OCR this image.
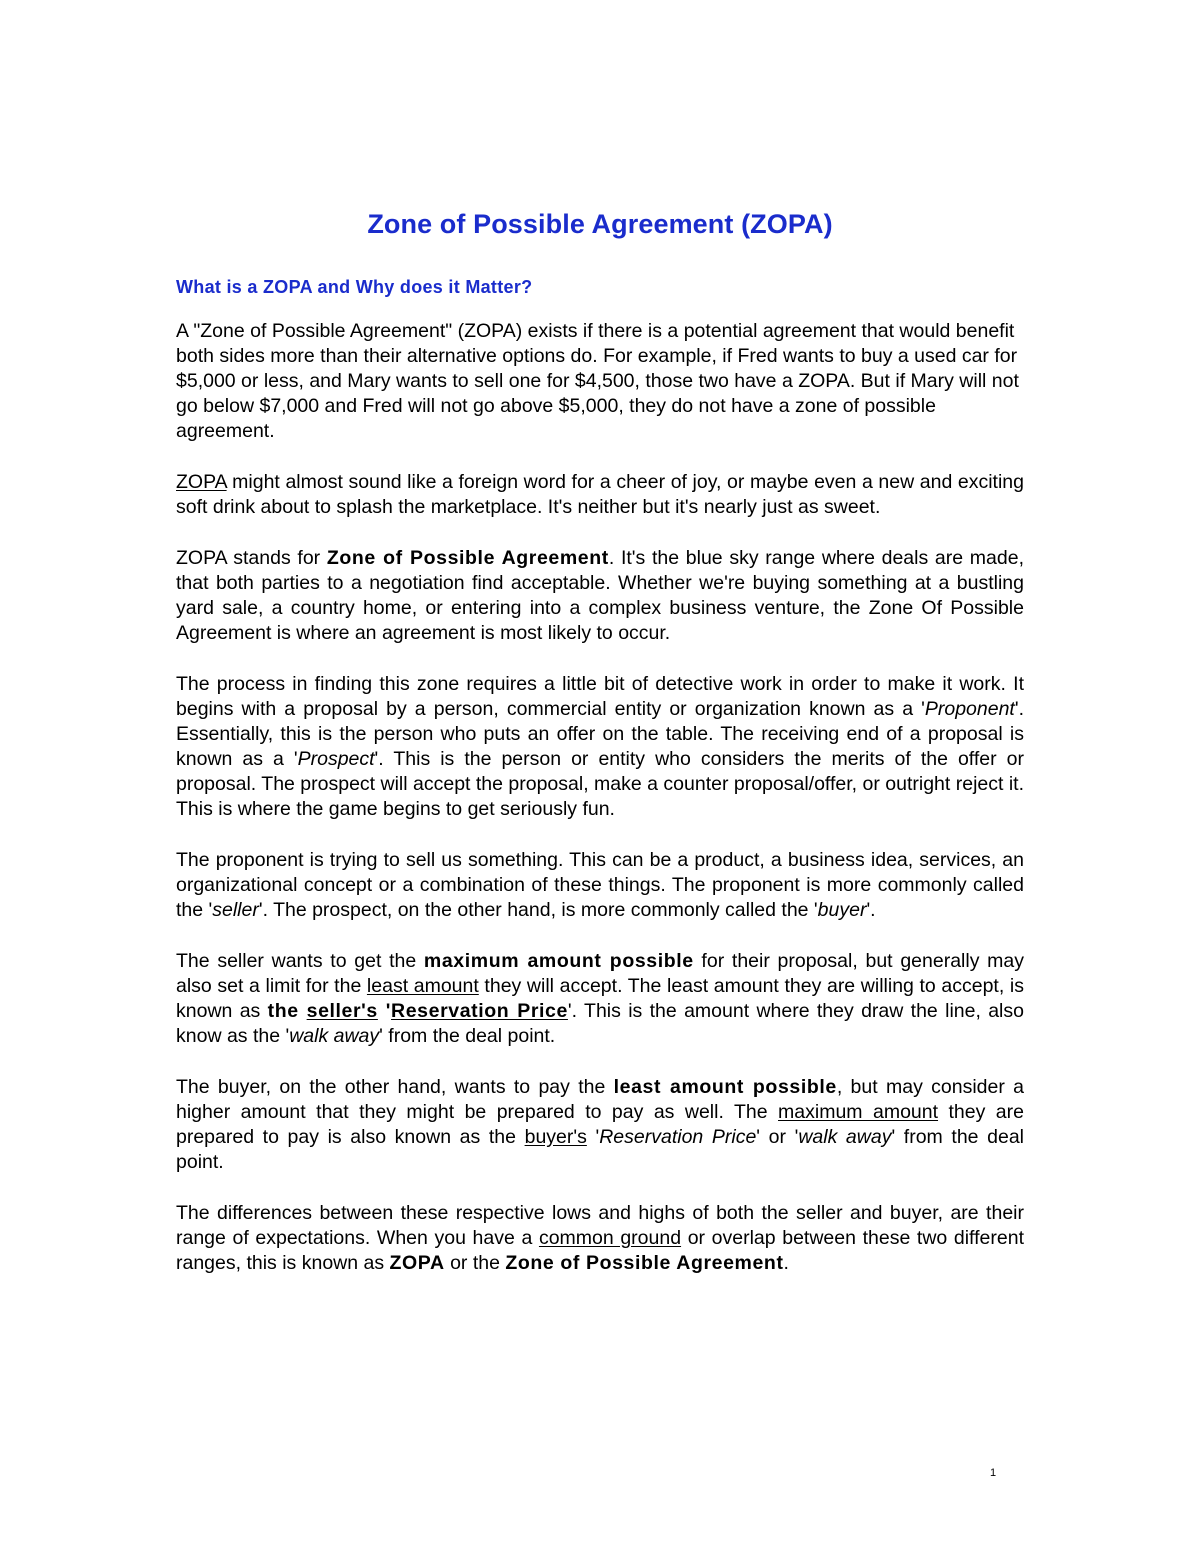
Zone of Possible Agreement (ZOPA)
What is a ZOPA and Why does it Matter?

A "Zone of Possible Agreement" (ZOPA) exists if there is a potential agreement that would benefit both sides more than their alternative options do. For example, if Fred wants to buy a used car for $5,000 or less, and Mary wants to sell one for $4,500, those two have a ZOPA. But if Mary will not go below $7,000 and Fred will not go above $5,000, they do not have a zone of possible agreement.

ZOPA might almost sound like a foreign word for a cheer of joy, or maybe even a new and exciting soft drink about to splash the marketplace. It's neither but it's nearly just as sweet.

ZOPA stands for Zone of Possible Agreement. It's the blue sky range where deals are made, that both parties to a negotiation find acceptable. Whether we're buying something at a bustling yard sale, a country home, or entering into a complex business venture, the Zone Of Possible Agreement is where an agreement is most likely to occur.

The process in finding this zone requires a little bit of detective work in order to make it work. It begins with a proposal by a person, commercial entity or organization known as a 'Proponent'. Essentially, this is the person who puts an offer on the table. The receiving end of a proposal is known as a 'Prospect'. This is the person or entity who considers the merits of the offer or proposal. The prospect will accept the proposal, make a counter proposal/offer, or outright reject it. This is where the game begins to get seriously fun.

The proponent is trying to sell us something. This can be a product, a business idea, services, an organizational concept or a combination of these things. The proponent is more commonly called the 'seller'. The prospect, on the other hand, is more commonly called the 'buyer'.

The seller wants to get the maximum amount possible for their proposal, but generally may also set a limit for the least amount they will accept. The least amount they are willing to accept, is known as the seller's 'Reservation Price'. This is the amount where they draw the line, also know as the 'walk away' from the deal point.

The buyer, on the other hand, wants to pay the least amount possible, but may consider a higher amount that they might be prepared to pay as well. The maximum amount they are prepared to pay is also known as the buyer's 'Reservation Price' or 'walk away' from the deal point.

The differences between these respective lows and highs of both the seller and buyer, are their range of expectations. When you have a common ground or overlap between these two different ranges, this is known as ZOPA or the Zone of Possible Agreement.

1
